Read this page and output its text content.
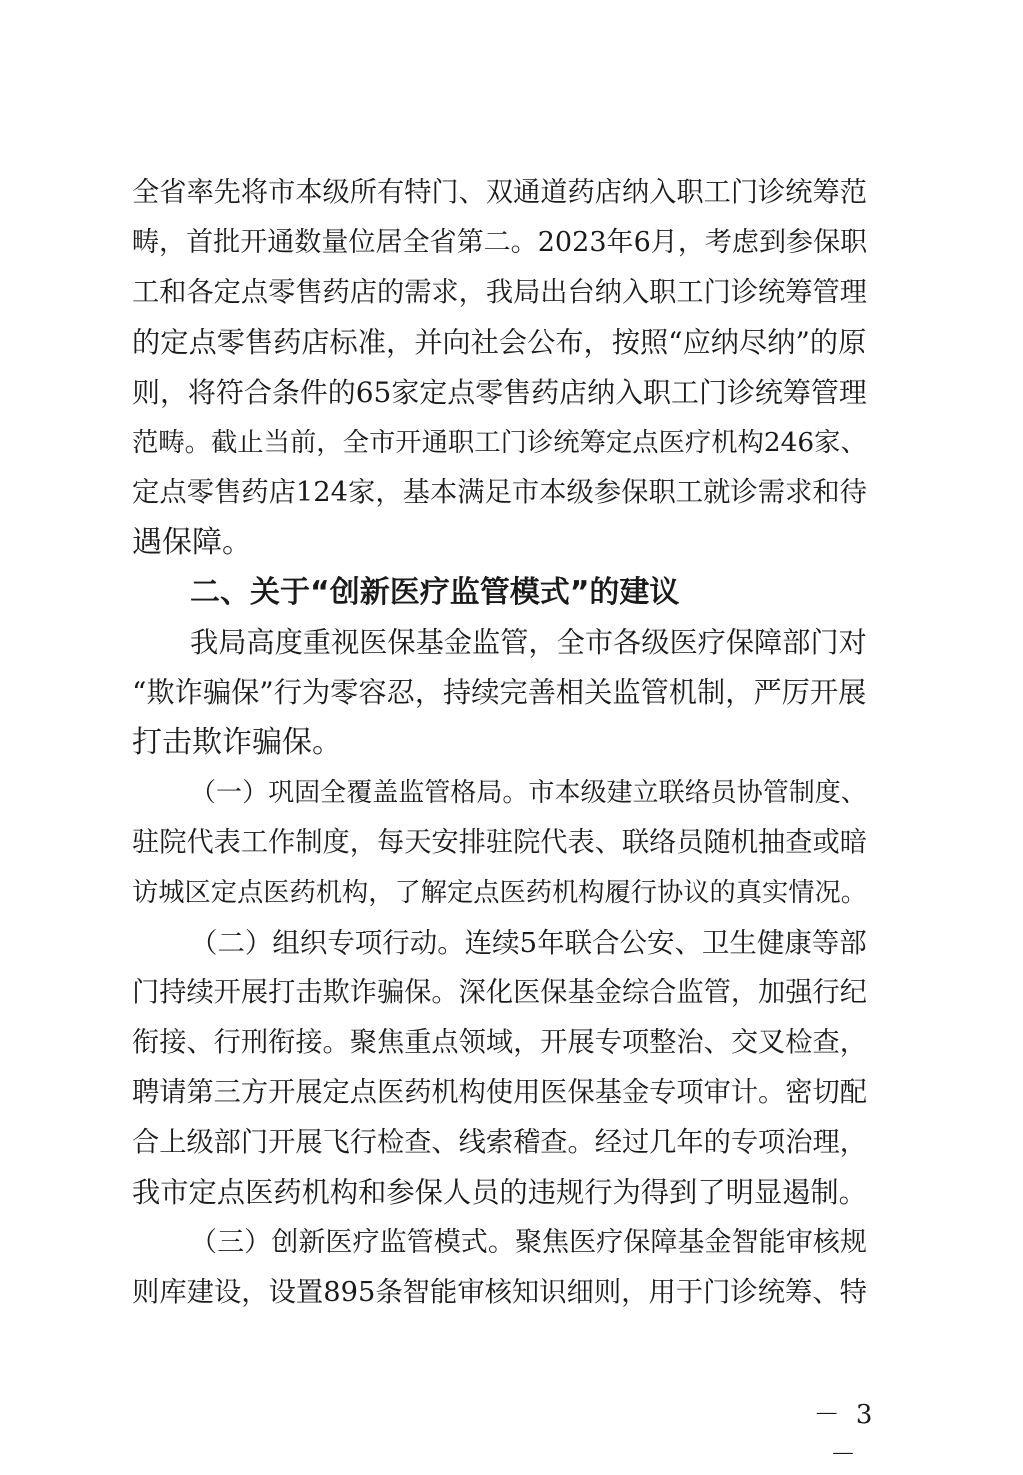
全省率先将市本级所有特门、双通道药店纳入职工门诊统筹范
畴，首批开通数量位居全省第二。2023年6月，考虑到参保职
工和各定点零售药店的需求，我局出台纳入职工门诊统筹管理
的定点零售药店标准，并向社会公布，按照“应纳尽纳”的原
则，将符合条件的65家定点零售药店纳入职工门诊统筹管理
范畴。截止当前，全市开通职工门诊统筹定点医疗机构246家、
定点零售药店124家，基本满足市本级参保职工就诊需求和待
遇保障。
二、关于“创新医疗监管模式”的建议
我局高度重视医保基金监管，全市各级医疗保障部门对
“欺诈骗保”行为零容忍，持续完善相关监管机制，严厉开展
打击欺诈骗保。
（一）巩固全覆盖监管格局。市本级建立联络员协管制度、
驻院代表工作制度，每天安排驻院代表、联络员随机抽查或暗
访城区定点医药机构，了解定点医药机构履行协议的真实情况。
（二）组织专项行动。连续5年联合公安、卫生健康等部
门持续开展打击欺诈骗保。深化医保基金综合监管，加强行纪
衔接、行刑衔接。聚焦重点领域，开展专项整治、交叉检查，
聘请第三方开展定点医药机构使用医保基金专项审计。密切配
合上级部门开展飞行检查、线索稽查。经过几年的专项治理，
我市定点医药机构和参保人员的违规行为得到了明显遏制。
（三）创新医疗监管模式。聚焦医疗保障基金智能审核规
则库建设，设置895条智能审核知识细则，用于门诊统筹、特
－ 3 －
